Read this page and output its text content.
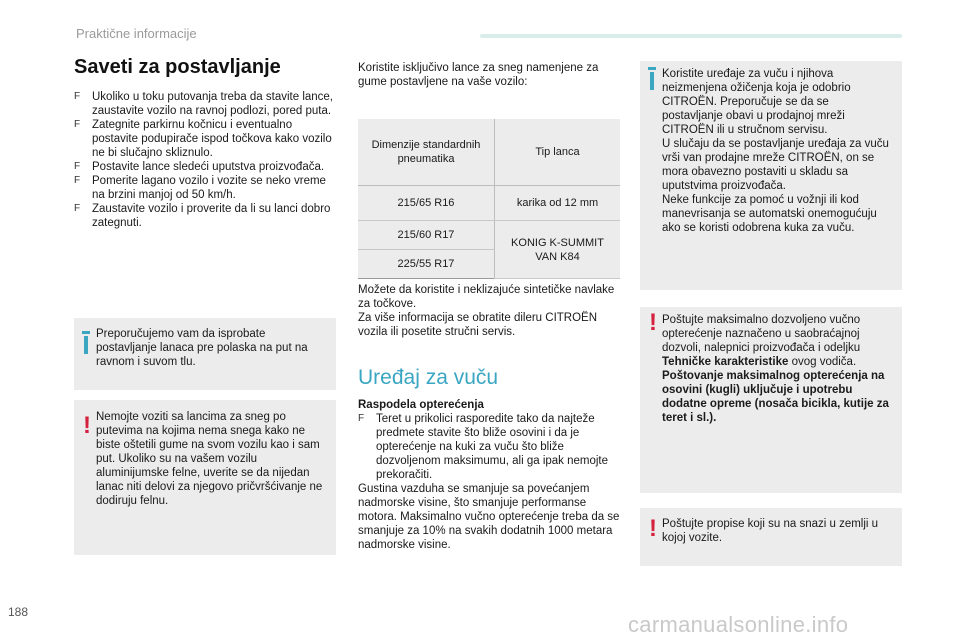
Praktične informacije
Saveti za postavljanje
F Ukoliko u toku putovanja treba da stavite lance, zaustavite vozilo na ravnoj podlozi, pored puta.
F Zategnite parkirnu kočnicu i eventualno postavite podupirače ispod točkova kako vozilo ne bi slučajno skliznulo.
F Postavite lance sledeći uputstva proizvođača.
F Pomerite lagano vozilo i vozite se neko vreme na brzini manjoj od 50 km/h.
F Zaustavite vozilo i proverite da li su lanci dobro zategnuti.
Preporučujemo vam da isprobate postavljanje lanaca pre polaska na put na ravnom i suvom tlu.
! Nemojte voziti sa lancima za sneg po putevima na kojima nema snega kako ne biste oštetili gume na svom vozilu kao i sam put. Ukoliko su na vašem vozilu aluminijumske felne, uverite se da nijedan lanac niti delovi za njegovo pričvršćivanje ne dodiruju felnu.
Koristite isključivo lance za sneg namenjene za gume postavljene na vaše vozilo:
Dimenzije standardnih pneumatika	Tip lanca
215/65 R16	karika od 12 mm
215/60 R17	KONIG K-SUMMIT VAN K84
225/55 R17	
Možete da koristite i neklizajuće sintetičke navlake za točkove.
Za više informacija se obratite dileru CITROËN vozila ili posetite stručni servis.
Uređaj za vuču
Raspodela opterećenja
F Teret u prikolici rasporedite tako da najteže predmete stavite što bliže osovini i da je opterećenje na kuki za vuču što bliže dozvoljenom maksimumu, ali ga ipak nemojte prekoračiti.
Gustina vazduha se smanjuje sa povećanjem nadmorske visine, što smanjuje performanse motora. Maksimalno vučno opterećenje treba da se smanjuje za 10% na svakih dodatnih 1000 metara nadmorske visine.
Koristite uređaje za vuču i njihova neizmenjena ožičenja koja je odobrio CITROËN. Preporučuje se da se postavljanje obavi u prodajnoj mreži CITROËN ili u stručnom servisu.
U slučaju da se postavljanje uređaja za vuču vrši van prodajne mreže CITROËN, on se mora obavezno postaviti u skladu sa uputstvima proizvođača.
Neke funkcije za pomoć u vožnji ili kod manevrisanja se automatski onemogućuju ako se koristi odobrena kuka za vuču.
! Poštujte maksimalno dozvoljeno vučno opterećenje naznačeno u saobraćajnoj dozvoli, nalepnici proizvođača i odeljku Tehničke karakteristike ovog vodiča.
Poštovanje maksimalnog opterećenja na osovini (kugli) uključuje i upotrebu dodatne opreme (nosača bicikla, kutije za teret i sl.).
! Poštujte propise koji su na snazi u zemlji u kojoj vozite.
188	carmanualsonline.info
